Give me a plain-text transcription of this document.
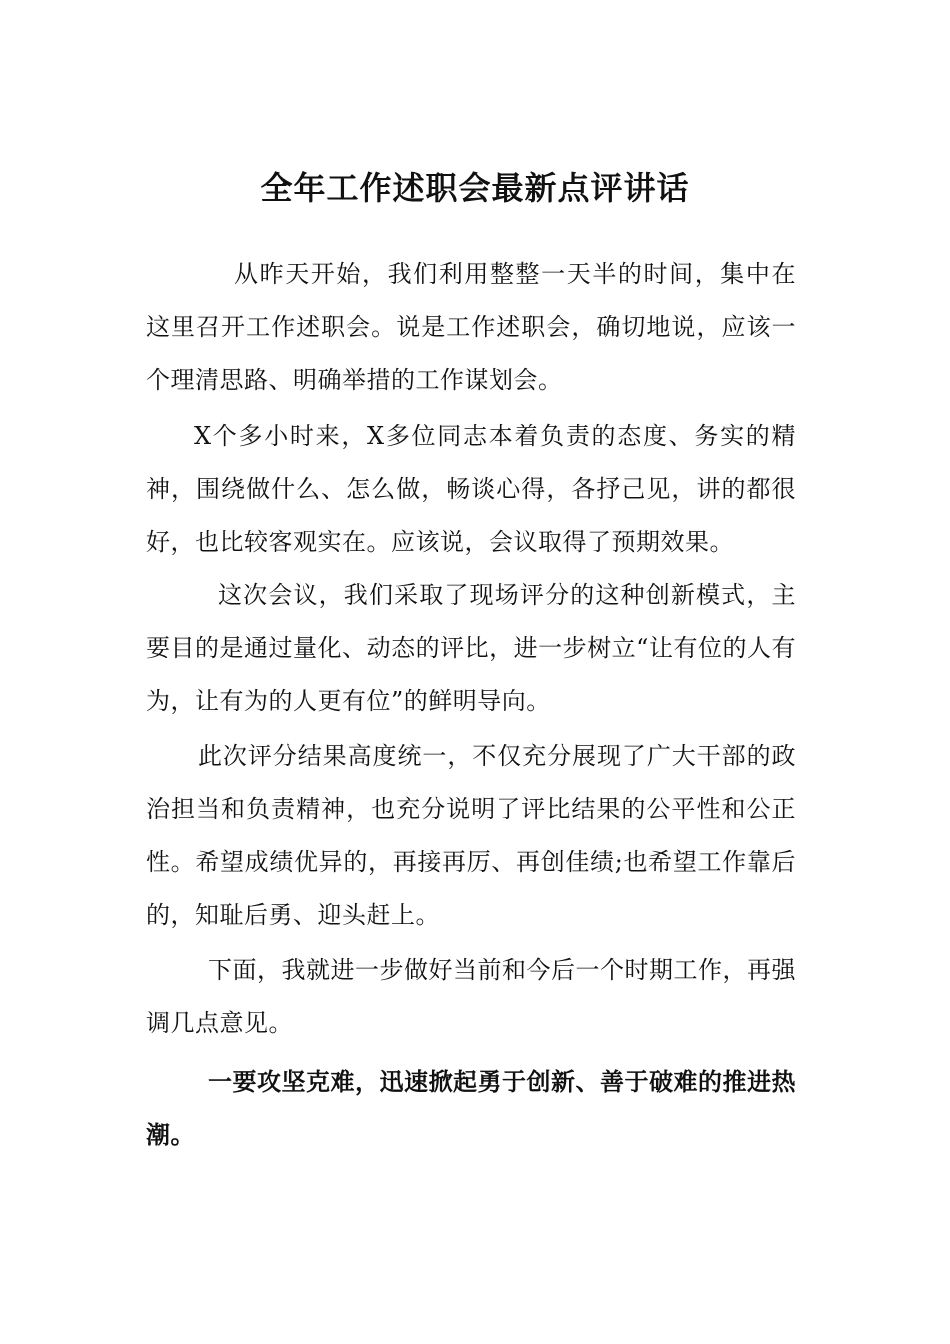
全年工作述职会最新点评讲话

从昨天开始，我们利用整整一天半的时间，集中在这里召开工作述职会。说是工作述职会，确切地说，应该一个理清思路、明确举措的工作谋划会。

X个多小时来，X多位同志本着负责的态度、务实的精神，围绕做什么、怎么做，畅谈心得，各抒己见，讲的都很好，也比较客观实在。应该说，会议取得了预期效果。

这次会议，我们采取了现场评分的这种创新模式，主要目的是通过量化、动态的评比，进一步树立“让有位的人有为，让有为的人更有位”的鲜明导向。

此次评分结果高度统一，不仅充分展现了广大干部的政治担当和负责精神，也充分说明了评比结果的公平性和公正性。希望成绩优异的，再接再厉、再创佳绩;也希望工作靠后的，知耻后勇、迎头赶上。

下面，我就进一步做好当前和今后一个时期工作，再强调几点意见。

一要攻坚克难，迅速掀起勇于创新、善于破难的推进热潮。
